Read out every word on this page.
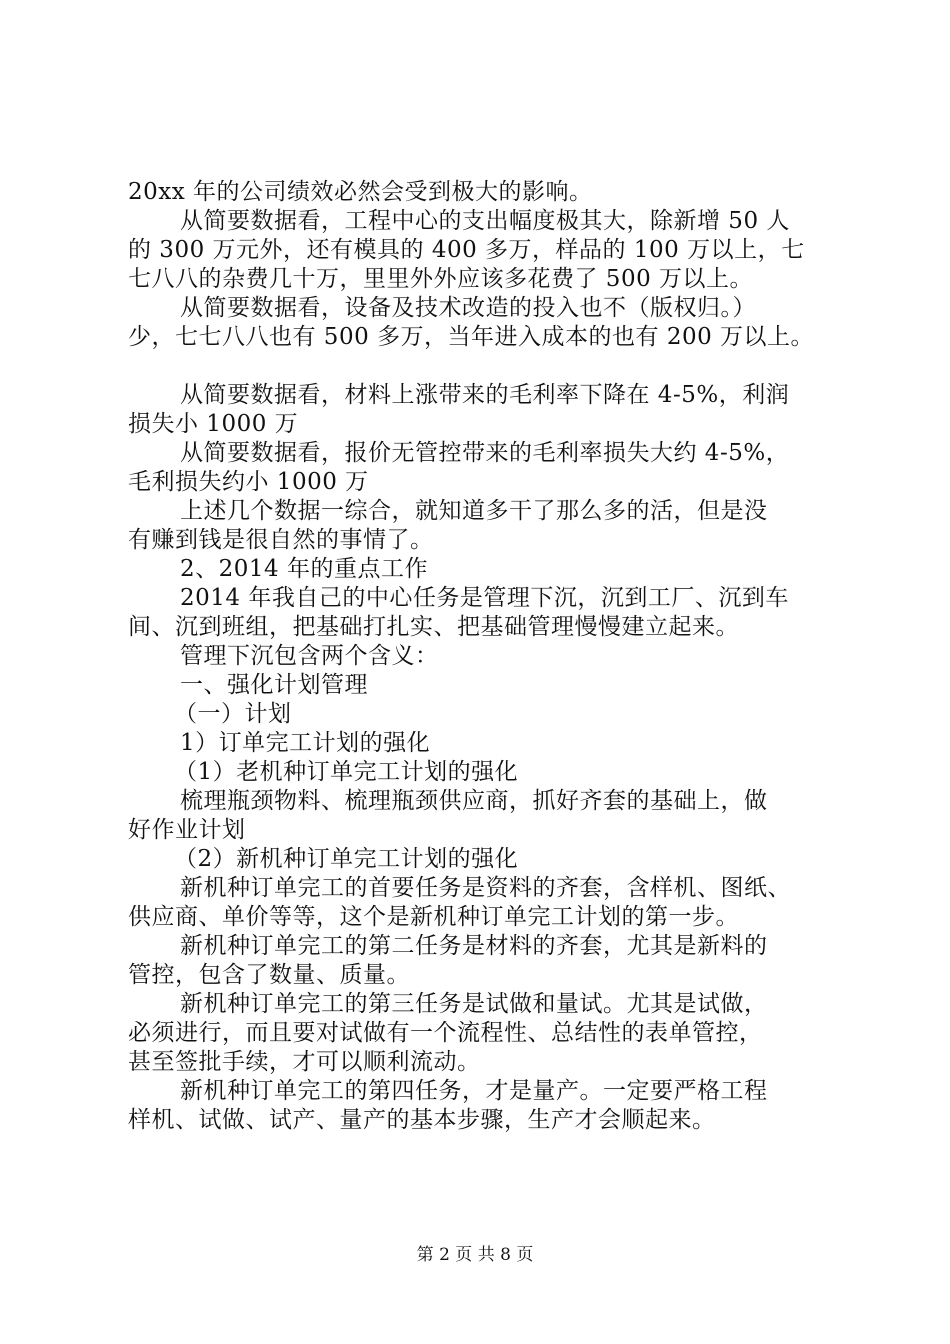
20xx 年的公司绩效必然会受到极大的影响。
从简要数据看，工程中心的支出幅度极其大，除新增 50 人
的 300 万元外，还有模具的 400 多万，样品的 100 万以上，七
七八八的杂费几十万，里里外外应该多花费了 500 万以上。
从简要数据看，设备及技术改造的投入也不（版权归。）
少，七七八八也有 500 多万，当年进入成本的也有 200 万以上。
从简要数据看，材料上涨带来的毛利率下降在 4-5%，利润
损失小 1000 万
从简要数据看，报价无管控带来的毛利率损失大约 4-5%，
毛利损失约小 1000 万
上述几个数据一综合，就知道多干了那么多的活，但是没
有赚到钱是很自然的事情了。
2、2014 年的重点工作
2014 年我自己的中心任务是管理下沉，沉到工厂、沉到车
间、沉到班组，把基础打扎实、把基础管理慢慢建立起来。
管理下沉包含两个含义：
一、强化计划管理
（一）计划
1）订单完工计划的强化
（1）老机种订单完工计划的强化
梳理瓶颈物料、梳理瓶颈供应商，抓好齐套的基础上，做
好作业计划
（2）新机种订单完工计划的强化
新机种订单完工的首要任务是资料的齐套，含样机、图纸、
供应商、单价等等，这个是新机种订单完工计划的第一步。
新机种订单完工的第二任务是材料的齐套，尤其是新料的
管控，包含了数量、质量。
新机种订单完工的第三任务是试做和量试。尤其是试做，
必须进行，而且要对试做有一个流程性、总结性的表单管控，
甚至签批手续，才可以顺利流动。
新机种订单完工的第四任务，才是量产。一定要严格工程
样机、试做、试产、量产的基本步骤，生产才会顺起来。
第 2 页 共 8 页
